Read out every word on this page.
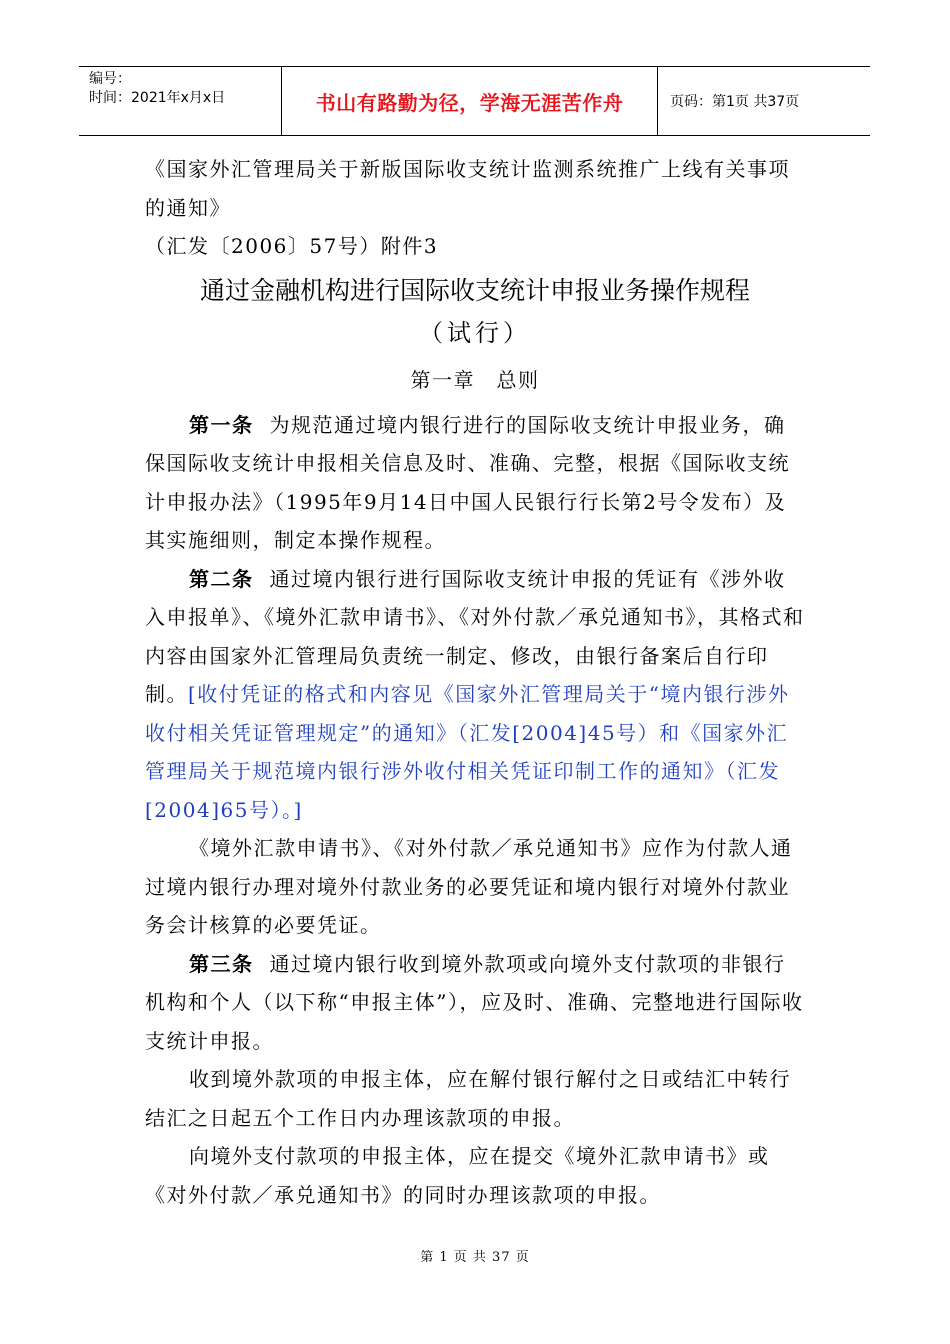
编号：
时间：2021年x月x日	书山有路勤为径，学海无涯苦作舟	页码：第1页 共37页

《国家外汇管理局关于新版国际收支统计监测系统推广上线有关事项的通知》

（汇发〔2006〕57号）附件3

通过金融机构进行国际收支统计申报业务操作规程

（试行）

第一章　总则

第一条 为规范通过境内银行进行的国际收支统计申报业务，确保国际收支统计申报相关信息及时、准确、完整，根据《国际收支统计申报办法》（1995年9月14日中国人民银行行长第2号令发布）及其实施细则，制定本操作规程。

第二条 通过境内银行进行国际收支统计申报的凭证有《涉外收入申报单》、《境外汇款申请书》、《对外付款／承兑通知书》，其格式和内容由国家外汇管理局负责统一制定、修改，由银行备案后自行印制。[收付凭证的格式和内容见《国家外汇管理局关于“境内银行涉外收付相关凭证管理规定”的通知》（汇发[2004]45号）和《国家外汇管理局关于规范境内银行涉外收付相关凭证印制工作的通知》（汇发[2004]65号）。]

《境外汇款申请书》、《对外付款／承兑通知书》应作为付款人通过境内银行办理对境外付款业务的必要凭证和境内银行对境外付款业务会计核算的必要凭证。

第三条 通过境内银行收到境外款项或向境外支付款项的非银行机构和个人（以下称“申报主体”），应及时、准确、完整地进行国际收支统计申报。

收到境外款项的申报主体，应在解付银行解付之日或结汇中转行结汇之日起五个工作日内办理该款项的申报。

向境外支付款项的申报主体，应在提交《境外汇款申请书》或《对外付款／承兑通知书》的同时办理该款项的申报。

第 1 页 共 37 页
